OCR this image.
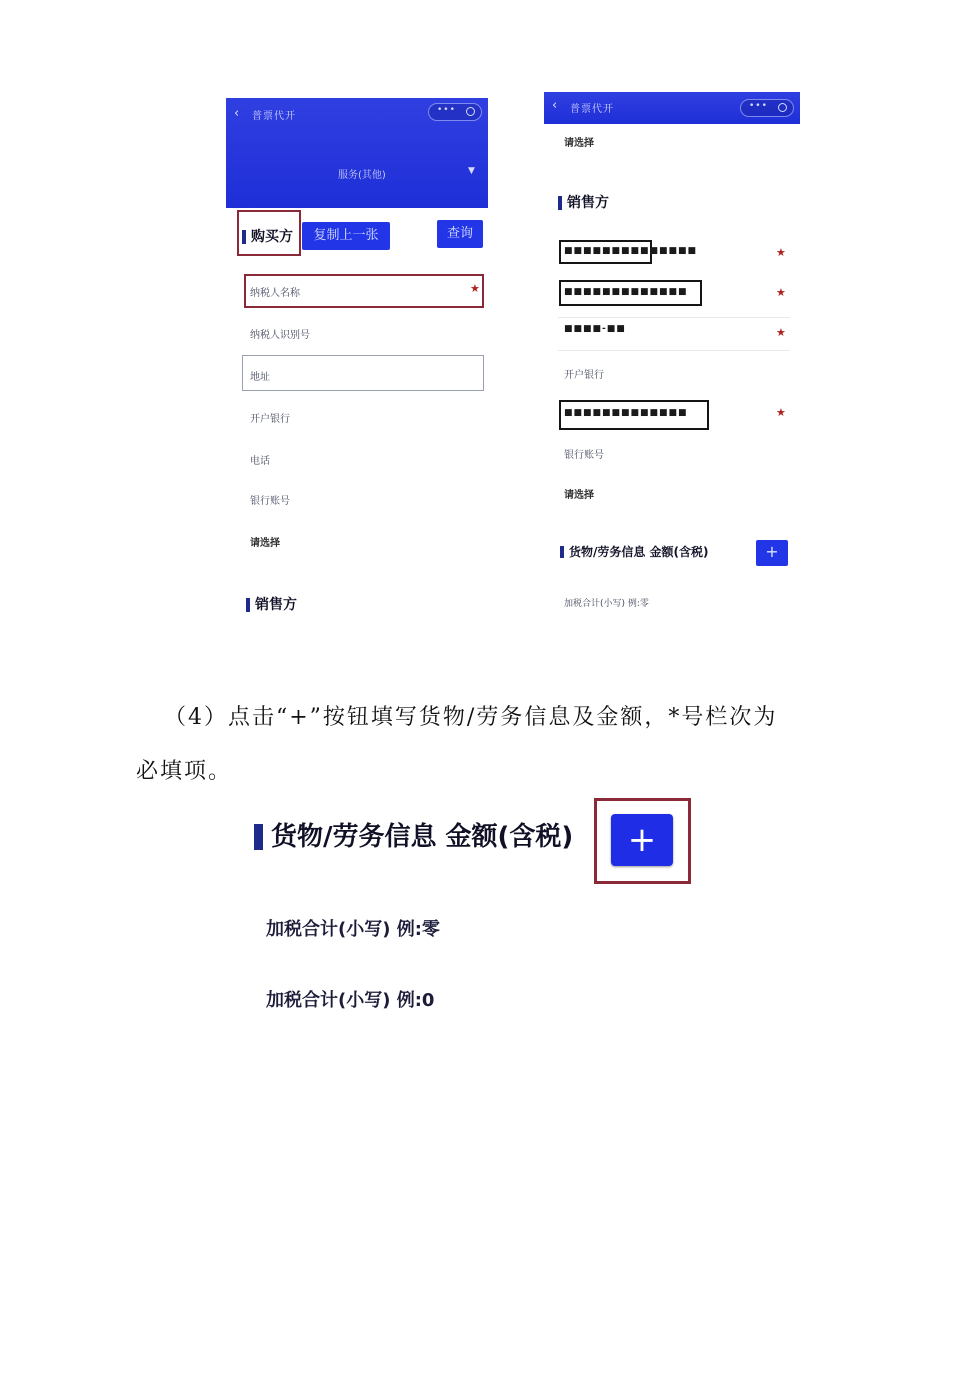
‹ 普票代开
•••
服务(其他)	▼
购买方	复制上一张	查询
纳税人名称	★
纳税人识别号
地址
开户银行
电话
银行账号
请选择
销售方
‹ 普票代开	•••
请选择
销售方
■■■■■■■■■■■■■■	★
■■■■■■■■■■■■■	★
■■■■-■■	★
开户银行
■■■■■■■■■■■■■	★
银行账号
请选择
货物/劳务信息 金额(含税)	+
加税合计(小写) 例:零
（4）点击“+”按钮填写货物/劳务信息及金额，*号栏次为
必填项。
货物/劳务信息 金额(含税)	+
加税合计(小写) 例:零
加税合计(小写) 例:0
